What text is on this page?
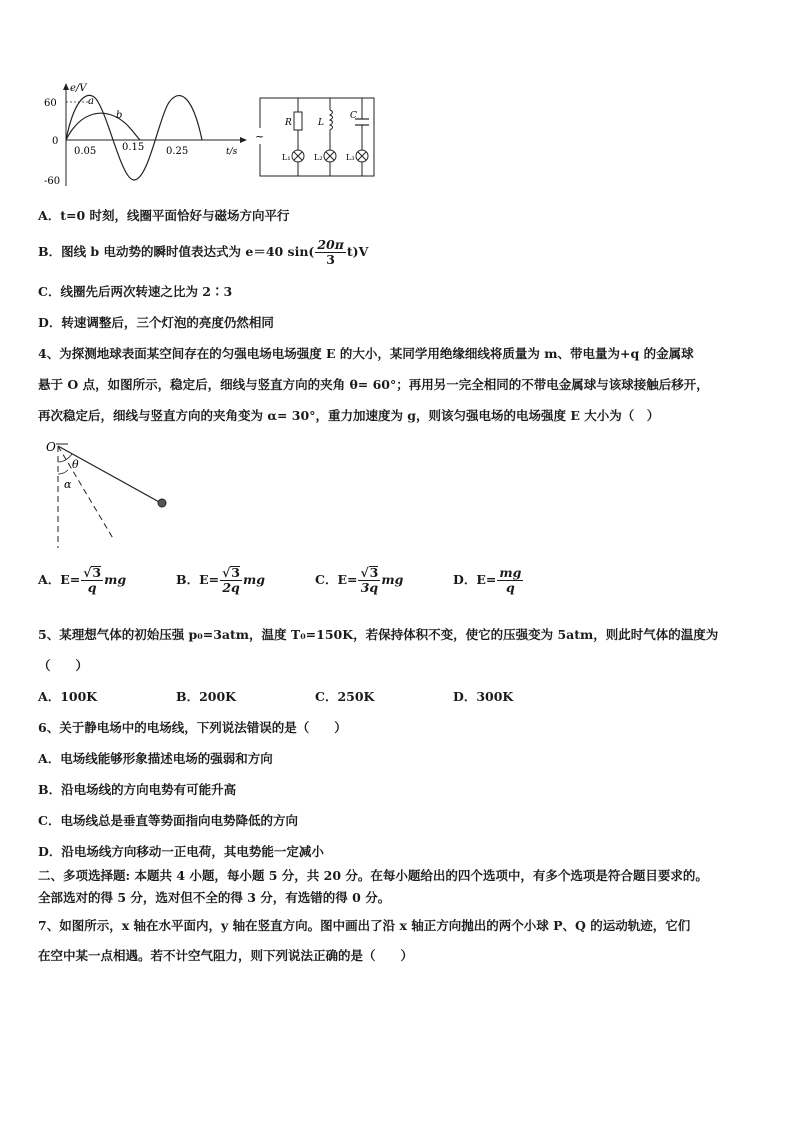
e/V
60
0
-60
0.05	0.15 0.25	t/s
a
b
~
R	L
C
L₁	L₂	L₃
A．t=0 时刻，线圈平面恰好与磁场方向平行
B．图线 b 电动势的瞬时值表达式为 e＝40 $\sin( \frac{20\pi}{3} t)V$
C．线圈先后两次转速之比为 2∶3
D．转速调整后，三个灯泡的亮度仍然相同
4、为探测地球表面某空间存在的匀强电场电场强度 E 的大小，某同学用绝缘细线将质量为 m、带电量为+q 的金属球
悬于 O 点，如图所示，稳定后，细线与竖直方向的夹角 θ= 60°；再用另一完全相同的不带电金属球与该球接触后移开，
再次稳定后，细线与竖直方向的夹角变为 α= 30°，重力加速度为 g，则该匀强电场的电场强度 E 大小为（　）
O
θ
α
A．$E= \frac{√3}{q}$ mg	B．$E= \frac{√3}{2q}$ mg	C．$E= \frac{√3}{3q}$ mg	D．$E= \frac{mg}{q}$
5、某理想气体的初始压强 p₀=3atm，温度 T₀=150K，若保持体积不变，使它的压强变为 5atm，则此时气体的温度为
（　　）
A．100K	B．200K	C．250K	D．300K
6、关于静电场中的电场线，下列说法错误的是（　　）
A．电场线能够形象描述电场的强弱和方向
B．沿电场线的方向电势有可能升高
C．电场线总是垂直等势面指向电势降低的方向
D．沿电场线方向移动一正电荷，其电势能一定减小
二、多项选择题: 本题共 4 小题，每小题 5 分，共 20 分。在每小题给出的四个选项中，有多个选项是符合题目要求的。
全部选对的得 5 分，选对但不全的得 3 分，有选错的得 0 分。
7、如图所示，x 轴在水平面内，y 轴在竖直方向。图中画出了沿 x 轴正方向抛出的两个小球 P、Q 的运动轨迹，它们
在空中某一点相遇。若不计空气阻力，则下列说法正确的是（　　）
